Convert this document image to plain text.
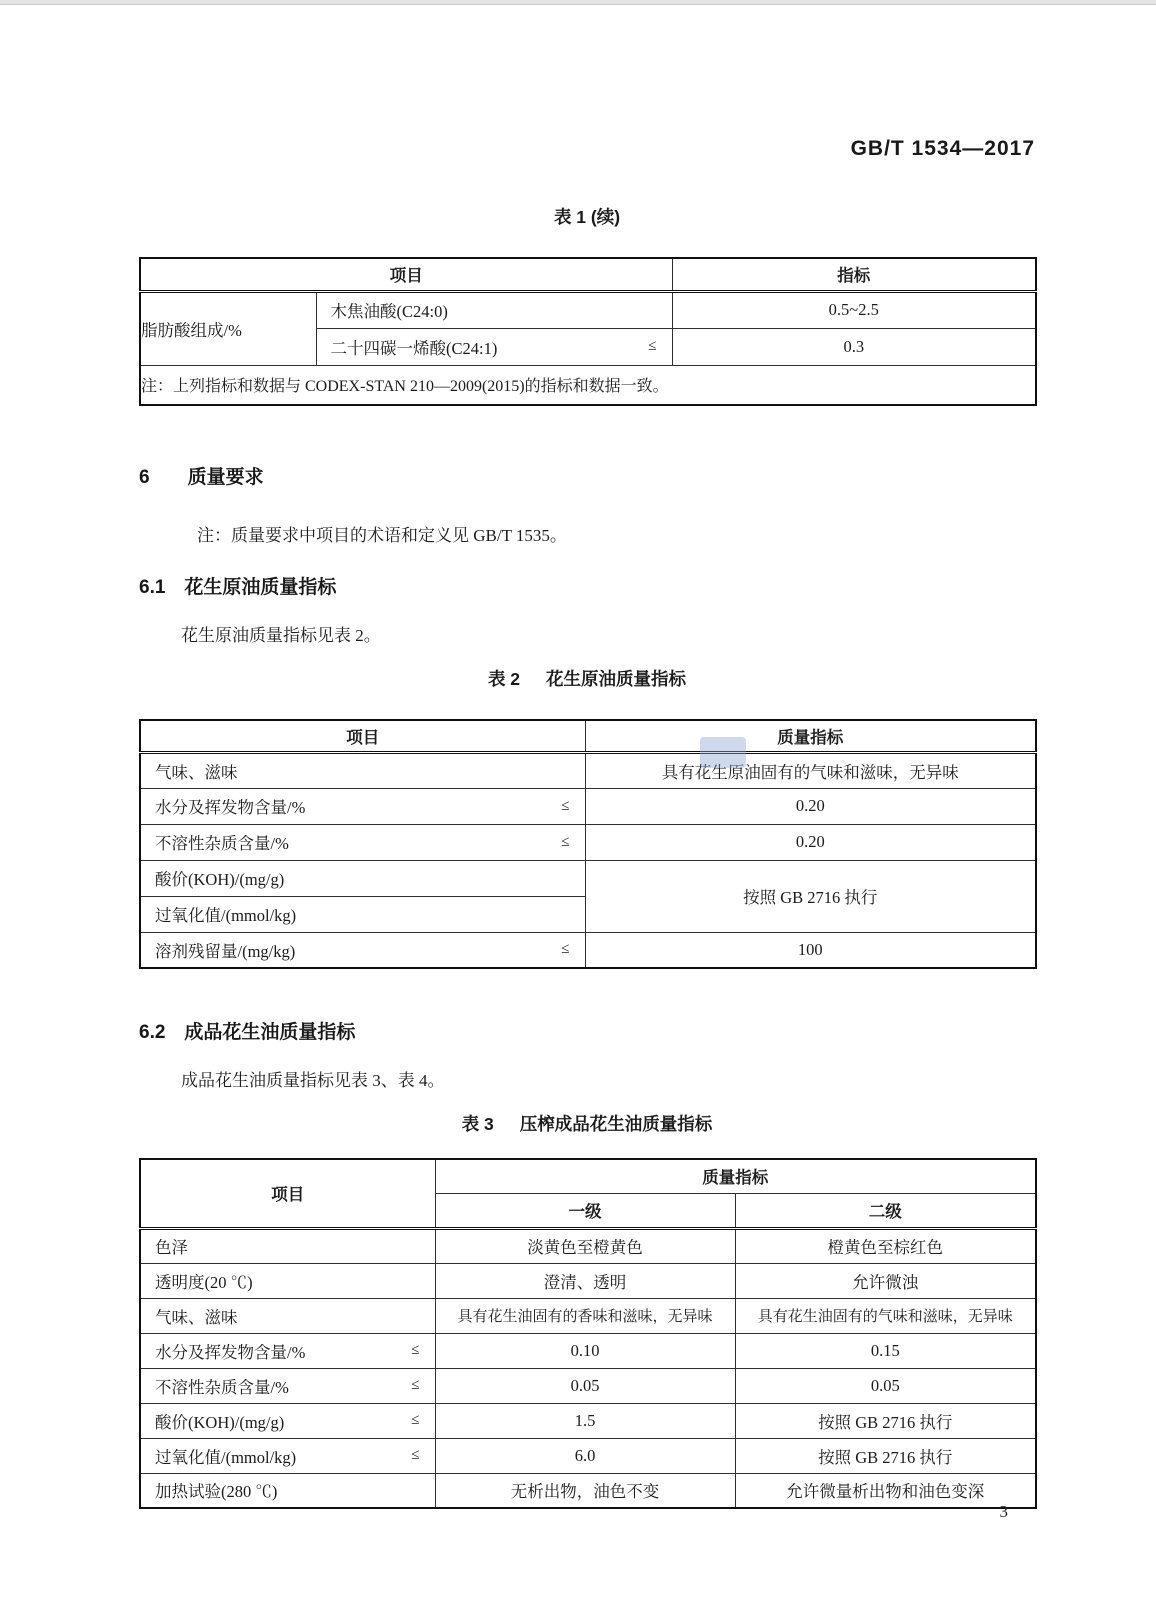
GB/T 1534—2017
表 1 (续)
项目		指标
脂肪酸组成/%	木焦油酸(C24:0)	0.5~2.5

	二十四碳一烯酸(C24:1) ≤	0.3
注：上列指标和数据与 CODEX-STAN 210—2009(2015)的指标和数据一致。		
6 质量要求
注：质量要求中项目的术语和定义见 GB/T 1535。
6.1 花生原油质量指标
花生原油质量指标见表 2。
表 2 花生原油质量指标
项目	质量指标

气味、滋味	具有花生原油固有的气味和滋味，无异味

水分及挥发物含量/% ≤	0.20

不溶性杂质含量/% ≤	0.20

酸价(KOH)/(mg/g)	按照 GB 2716 执行

过氧化值/(mmol/kg)	

溶剂残留量/(mg/kg) ≤	100
6.2 成品花生油质量指标
成品花生油质量指标见表 3、表 4。
表 3 压榨成品花生油质量指标
项目	质量指标	
	一级	二级

色泽	淡黄色至橙黄色	橙黄色至棕红色

透明度(20 ℃)	澄清、透明	允许微浊

气味、滋味	具有花生油固有的香味和滋味，无异味	具有花生油固有的气味和滋味，无异味

水分及挥发物含量/% ≤	0.10	0.15

不溶性杂质含量/% ≤	0.05	0.05

酸价(KOH)/(mg/g) ≤	1.5	按照 GB 2716 执行

过氧化值/(mmol/kg) ≤	6.0	按照 GB 2716 执行

加热试验(280 ℃)	无析出物，油色不变	允许微量析出物和油色变深
3
